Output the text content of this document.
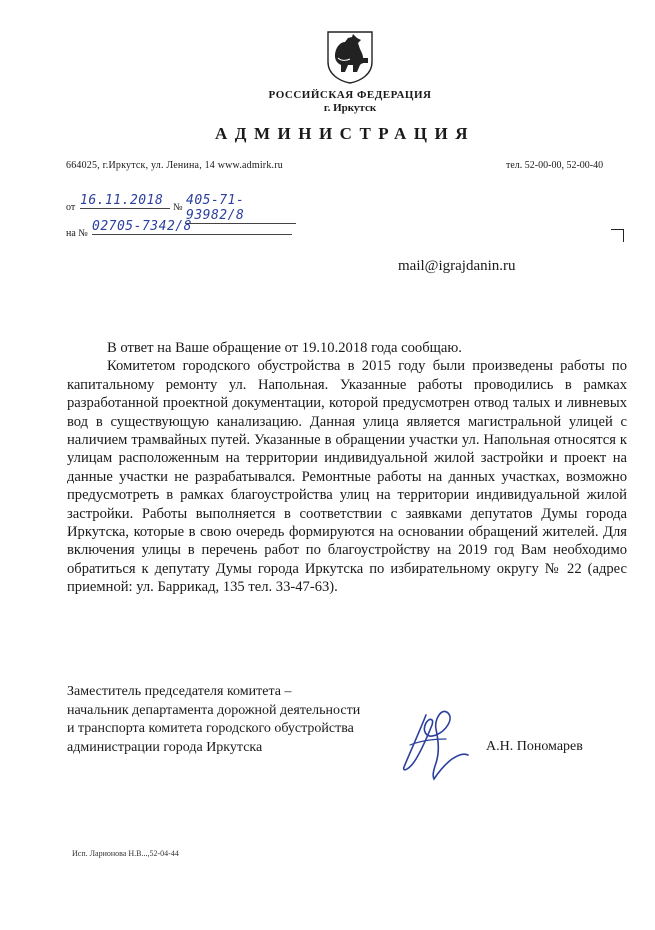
РОССИЙСКАЯ ФЕДЕРАЦИЯ
г. Иркутск
АДМИНИСТРАЦИЯ
664025, г.Иркутск, ул. Ленина, 14 www.admirk.ru	тел. 52-00-00, 52-00-40
от 16.11.2018 № 405-71-93982/8
на № 02705-7342/8
mail@igrajdanin.ru

В ответ на Ваше обращение от 19.10.2018 года сообщаю.

Комитетом городского обустройства в 2015 году были произведены работы по капитальному ремонту ул. Напольная. Указанные работы проводились в рамках разработанной проектной документации, которой предусмотрен отвод талых и ливневых вод в существующую канализацию. Данная улица является магистральной улицей с наличием трамвайных путей. Указанные в обращении участки ул. Напольная относятся к улицам расположенным на территории индивидуальной жилой застройки и проект на данные участки не разрабатывался. Ремонтные работы на данных участках, возможно предусмотреть в рамках благоустройства улиц на территории индивидуальной жилой застройки. Работы выполняется в соответствии с заявками депутатов Думы города Иркутска, которые в свою очередь формируются на основании обращений жителей. Для включения улицы в перечень работ по благоустройству на 2019 год Вам необходимо обратиться к депутату Думы города Иркутска по избирательному округу № 22 (адрес приемной: ул. Баррикад, 135 тел. 33-47-63).

Заместитель председателя комитета –
начальник департамента дорожной деятельности
и транспорта комитета городского обустройства
администрации города Иркутска	А.Н. Пономарев
Исп. Ларионова Н.В...,52-04-44
